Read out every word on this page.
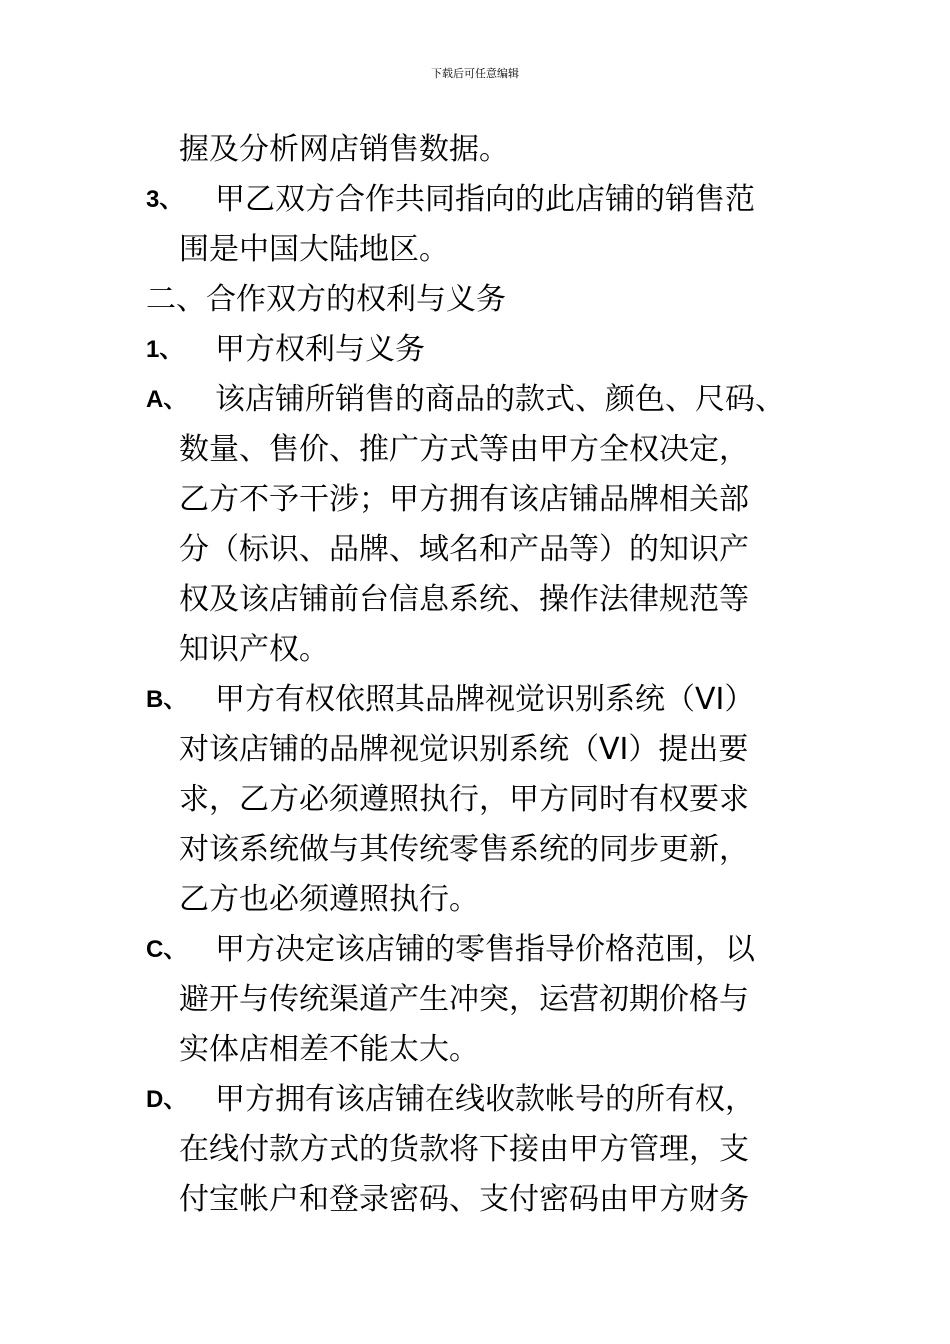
下载后可任意编辑
握及分析网店销售数据。
3、 甲乙双方合作共同指向的此店铺的销售范
围是中国大陆地区。
二、合作双方的权利与义务
1、 甲方权利与义务
A、 该店铺所销售的商品的款式、颜色、尺码、
数量、售价、推广方式等由甲方全权决定，
乙方不予干涉；甲方拥有该店铺品牌相关部
分（标识、品牌、域名和产品等）的知识产
权及该店铺前台信息系统、操作法律规范等
知识产权。
B、 甲方有权依照其品牌视觉识别系统（VI）
对该店铺的品牌视觉识别系统（VI）提出要
求，乙方必须遵照执行，甲方同时有权要求
对该系统做与其传统零售系统的同步更新，
乙方也必须遵照执行。
C、 甲方决定该店铺的零售指导价格范围，以
避开与传统渠道产生冲突，运营初期价格与
实体店相差不能太大。
D、 甲方拥有该店铺在线收款帐号的所有权，
在线付款方式的货款将下接由甲方管理，支
付宝帐户和登录密码、支付密码由甲方财务
